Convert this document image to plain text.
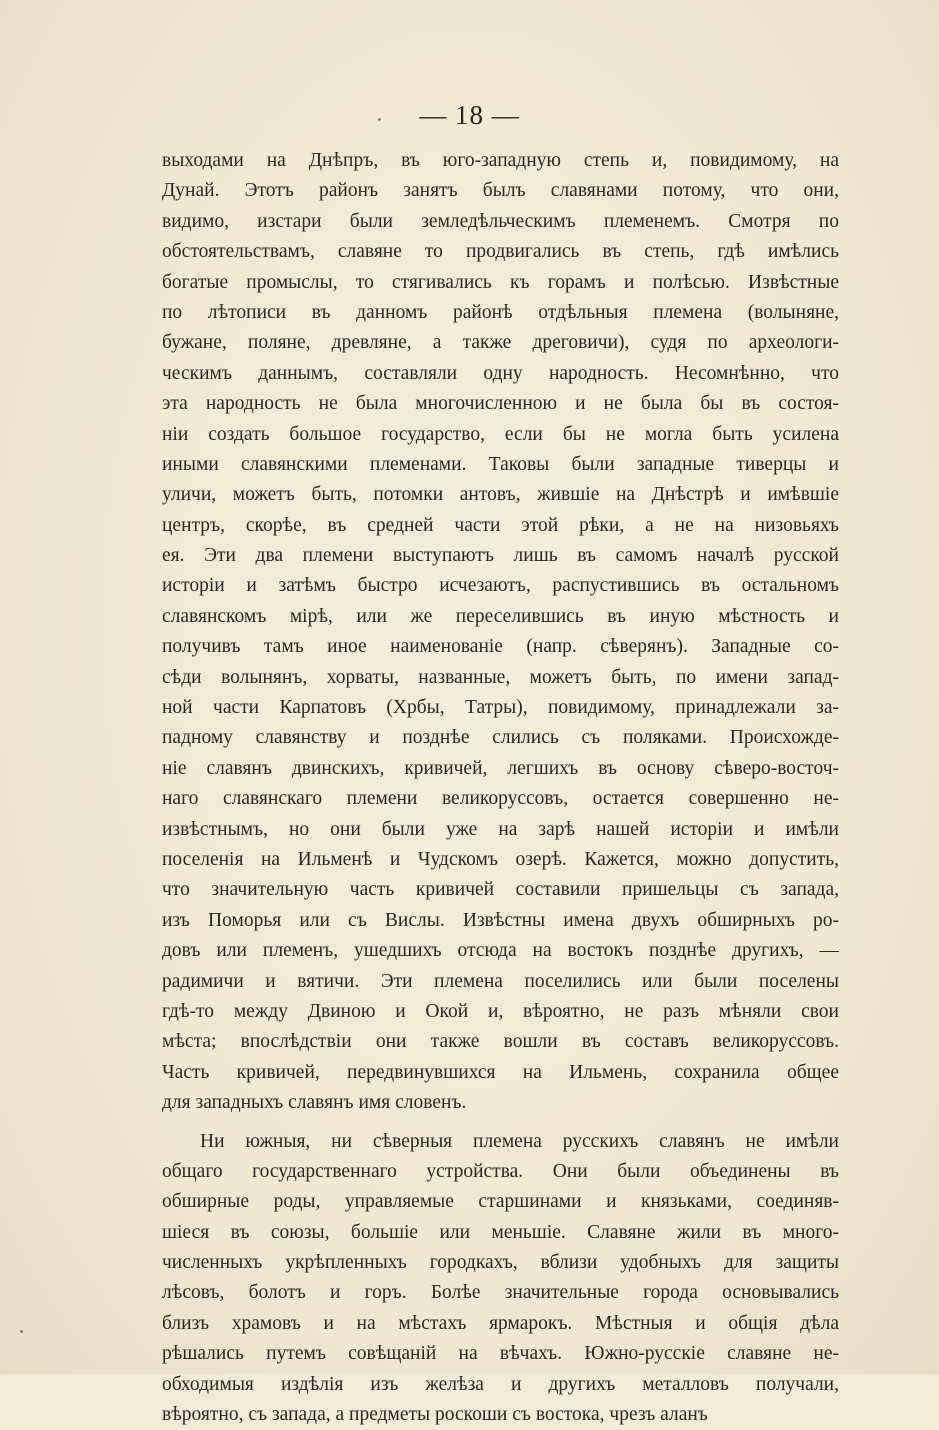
— 18 —
выходами на Днѣпръ, въ юго-западную степь и, повидимому, на
Дунай. Этотъ районъ занятъ былъ славянами потому, что они,
видимо, изстари были земледѣльческимъ племенемъ. Смотря по
обстоятельствамъ, славяне то продвигались въ степь, гдѣ имѣлись
богатые промыслы, то стягивались къ горамъ и полѣсью. Извѣстные
по лѣтописи въ данномъ районѣ отдѣльныя племена (волыняне,
бужане, поляне, древляне, а также дреговичи), судя по археологи-
ческимъ даннымъ, составляли одну народность. Несомнѣнно, что
эта народность не была многочисленною и не была бы въ состоя-
ніи создать большое государство, если бы не могла быть усилена
иными славянскими племенами. Таковы были западные тиверцы и
уличи, можетъ быть, потомки антовъ, жившіе на Днѣстрѣ и имѣвшіе
центръ, скорѣе, въ средней части этой рѣки, а не на низовьяхъ
ея. Эти два племени выступаютъ лишь въ самомъ началѣ русской
исторіи и затѣмъ быстро исчезаютъ, распустившись въ остальномъ
славянскомъ мірѣ, или же переселившись въ иную мѣстность и
получивъ тамъ иное наименованіе (напр. сѣверянъ). Западные со-
сѣди волынянъ, хорваты, названные, можетъ быть, по имени запад-
ной части Карпатовъ (Хрбы, Татры), повидимому, принадлежали за-
падному славянству и позднѣе слились съ поляками. Происхожде-
ніе славянъ двинскихъ, кривичей, легшихъ въ основу сѣверо-восточ-
наго славянскаго племени великоруссовъ, остается совершенно не-
извѣстнымъ, но они были уже на зарѣ нашей исторіи и имѣли
поселенія на Ильменѣ и Чудскомъ озерѣ. Кажется, можно допустить,
что значительную часть кривичей составили пришельцы съ запада,
изъ Поморья или съ Вислы. Извѣстны имена двухъ обширныхъ ро-
довъ или племенъ, ушедшихъ отсюда на востокъ позднѣе другихъ, —
радимичи и вятичи. Эти племена поселились или были поселены
гдѣ-то между Двиною и Окой и, вѣроятно, не разъ мѣняли свои
мѣста; впослѣдствіи они также вошли въ составъ великоруссовъ.
Часть кривичей, передвинувшихся на Ильмень, сохранила общее
для западныхъ славянъ имя словенъ.
Ни южныя, ни сѣверныя племена русскихъ славянъ не имѣли
общаго государственнаго устройства. Они были объединены въ
обширные роды, управляемые старшинами и князьками, соединяв-
шіеся въ союзы, большіе или меньшіе. Славяне жили въ много-
численныхъ укрѣпленныхъ городкахъ, вблизи удобныхъ для защиты
лѣсовъ, болотъ и горъ. Болѣе значительные города основывались
близъ храмовъ и на мѣстахъ ярмарокъ. Мѣстныя и общія дѣла
рѣшались путемъ совѣщаній на вѣчахъ. Южно-русскіе славяне не-
обходимыя издѣлія изъ желѣза и другихъ металловъ получали,
вѣроятно, съ запада, а предметы роскоши съ востока, чрезъ аланъ
